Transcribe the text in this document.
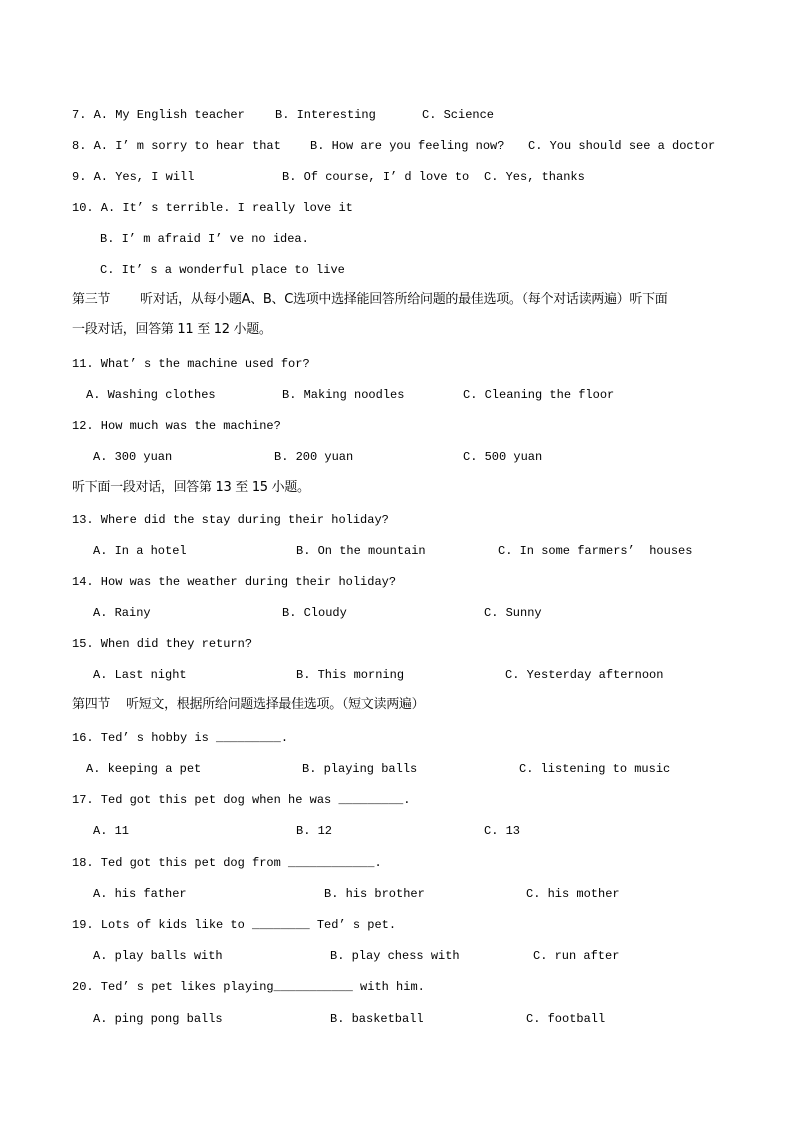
7. A. My English teacher	B. Interesting	C. Science
8. A. I’ m sorry to hear that B. How are you feeling now? C. You should see a doctor
9. A. Yes, I will	B. Of course, I’ d love to C. Yes, thanks
10. A. It’ s terrible. I really love it
B. I’ m afraid I’ ve no idea.
C. It’ s a wonderful place to live
第三节 听对话，从每小题A、B、C选项中选择能回答所给问题的最佳选项。（每个对话读两遍）听下面
一段对话，回答第 11 至 12 小题。
11. What’ s the machine used for?
A. Washing clothes	B. Making noodles	C. Cleaning the floor
12. How much was the machine?
A. 300 yuan	B. 200 yuan	C. 500 yuan
听下面一段对话，回答第 13 至 15 小题。
13. Where did the stay during their holiday?
A. In a hotel	B. On the mountain	C. In some farmers’  houses
14. How was the weather during their holiday?
A. Rainy	B. Cloudy	C. Sunny
15. When did they return?
A. Last night	B. This morning	C. Yesterday afternoon
第四节 听短文，根据所给问题选择最佳选项。（短文读两遍）
16. Ted’ s hobby is _________.
A. keeping a pet	B. playing balls	C. listening to music
17. Ted got this pet dog when he was _________.
A. 11	B. 12	C. 13
18. Ted got this pet dog from ____________.
A. his father	B. his brother	C. his mother
19. Lots of kids like to ________ Ted’ s pet.
A. play balls with	B. play chess with	C. run after
20. Ted’ s pet likes playing___________ with him.
A. ping pong balls	B. basketball	C. football
